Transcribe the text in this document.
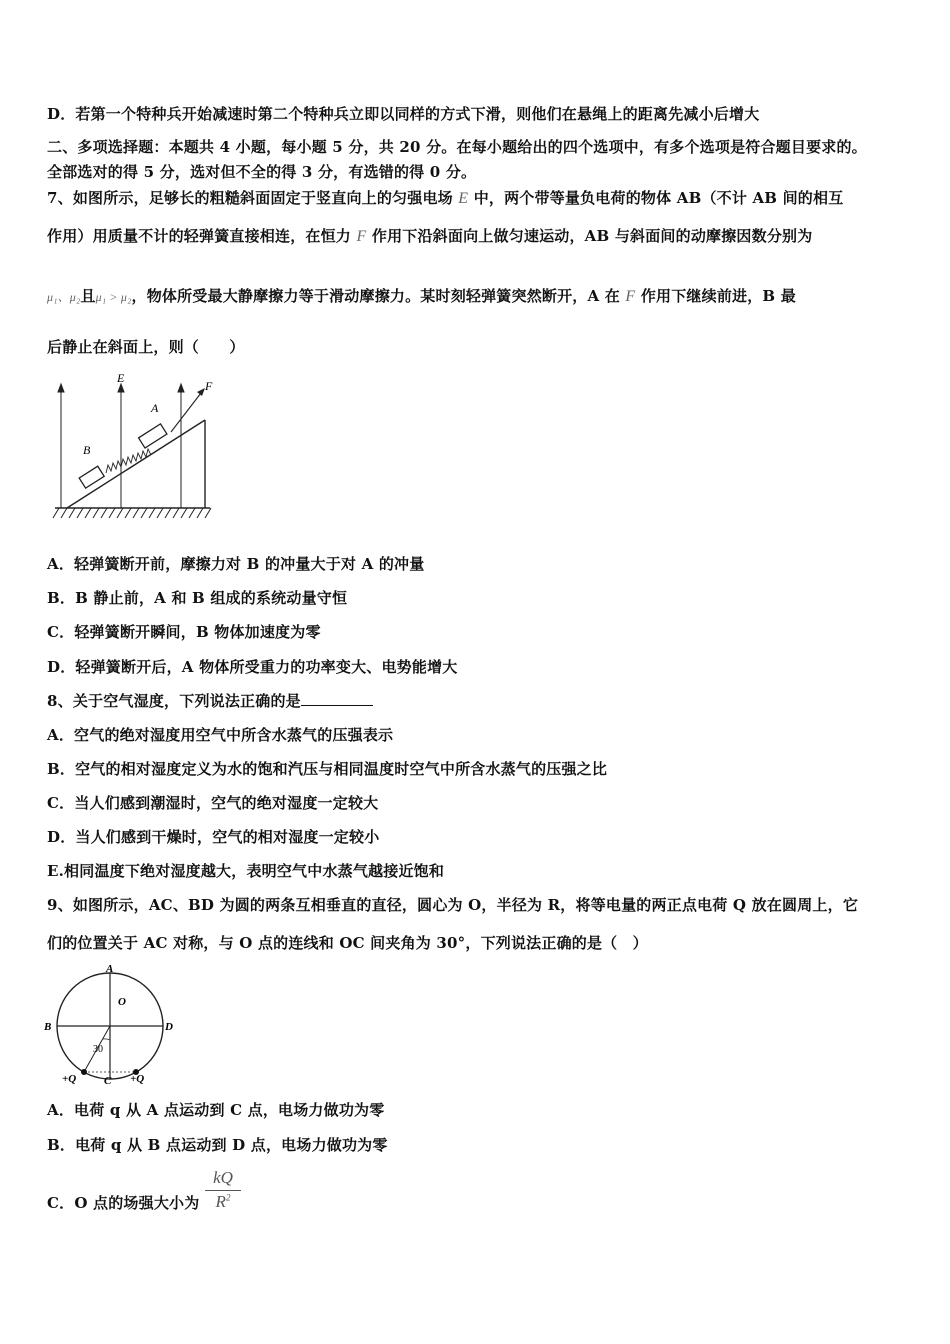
D．若第一个特种兵开始减速时第二个特种兵立即以同样的方式下滑，则他们在悬绳上的距离先减小后增大
二、多项选择题：本题共 4 小题，每小题 5 分，共 20 分。在每小题给出的四个选项中，有多个选项是符合题目要求的。
全部选对的得 5 分，选对但不全的得 3 分，有选错的得 0 分。
7、如图所示，足够长的粗糙斜面固定于竖直向上的匀强电场 E 中，两个带等量负电荷的物体 AB（不计 AB 间的相互
作用）用质量不计的轻弹簧直接相连，在恒力 F 作用下沿斜面向上做匀速运动，AB 与斜面间的动摩擦因数分别为
μ₁、μ₂且μ₁ > μ₂，物体所受最大静摩擦力等于滑动摩擦力。某时刻轻弹簧突然断开，A 在 F 作用下继续前进，B 最
后静止在斜面上，则（　　）
E
F
A
B
A．轻弹簧断开前，摩擦力对 B 的冲量大于对 A 的冲量
B．B 静止前，A 和 B 组成的系统动量守恒
C．轻弹簧断开瞬间，B 物体加速度为零
D．轻弹簧断开后，A 物体所受重力的功率变大、电势能增大
8、关于空气湿度，下列说法正确的是
A．空气的绝对湿度用空气中所含水蒸气的压强表示
B．空气的相对湿度定义为水的饱和汽压与相同温度时空气中所含水蒸气的压强之比
C．当人们感到潮湿时，空气的绝对湿度一定较大
D．当人们感到干燥时，空气的相对湿度一定较小
E.相同温度下绝对湿度越大，表明空气中水蒸气越接近饱和
9、如图所示，AC、BD 为圆的两条互相垂直的直径，圆心为 O，半径为 R，将等电量的两正点电荷 Q 放在圆周上，它
们的位置关于 AC 对称，与 O 点的连线和 OC 间夹角为 30°，下列说法正确的是（　）
A
O
B	D
30
C
+Q	+Q
A．电荷 q 从 A 点运动到 C 点，电场力做功为零
B．电荷 q 从 B 点运动到 D 点，电场力做功为零
C．O 点的场强大小为 $\frac{kQ}{R^2}$
